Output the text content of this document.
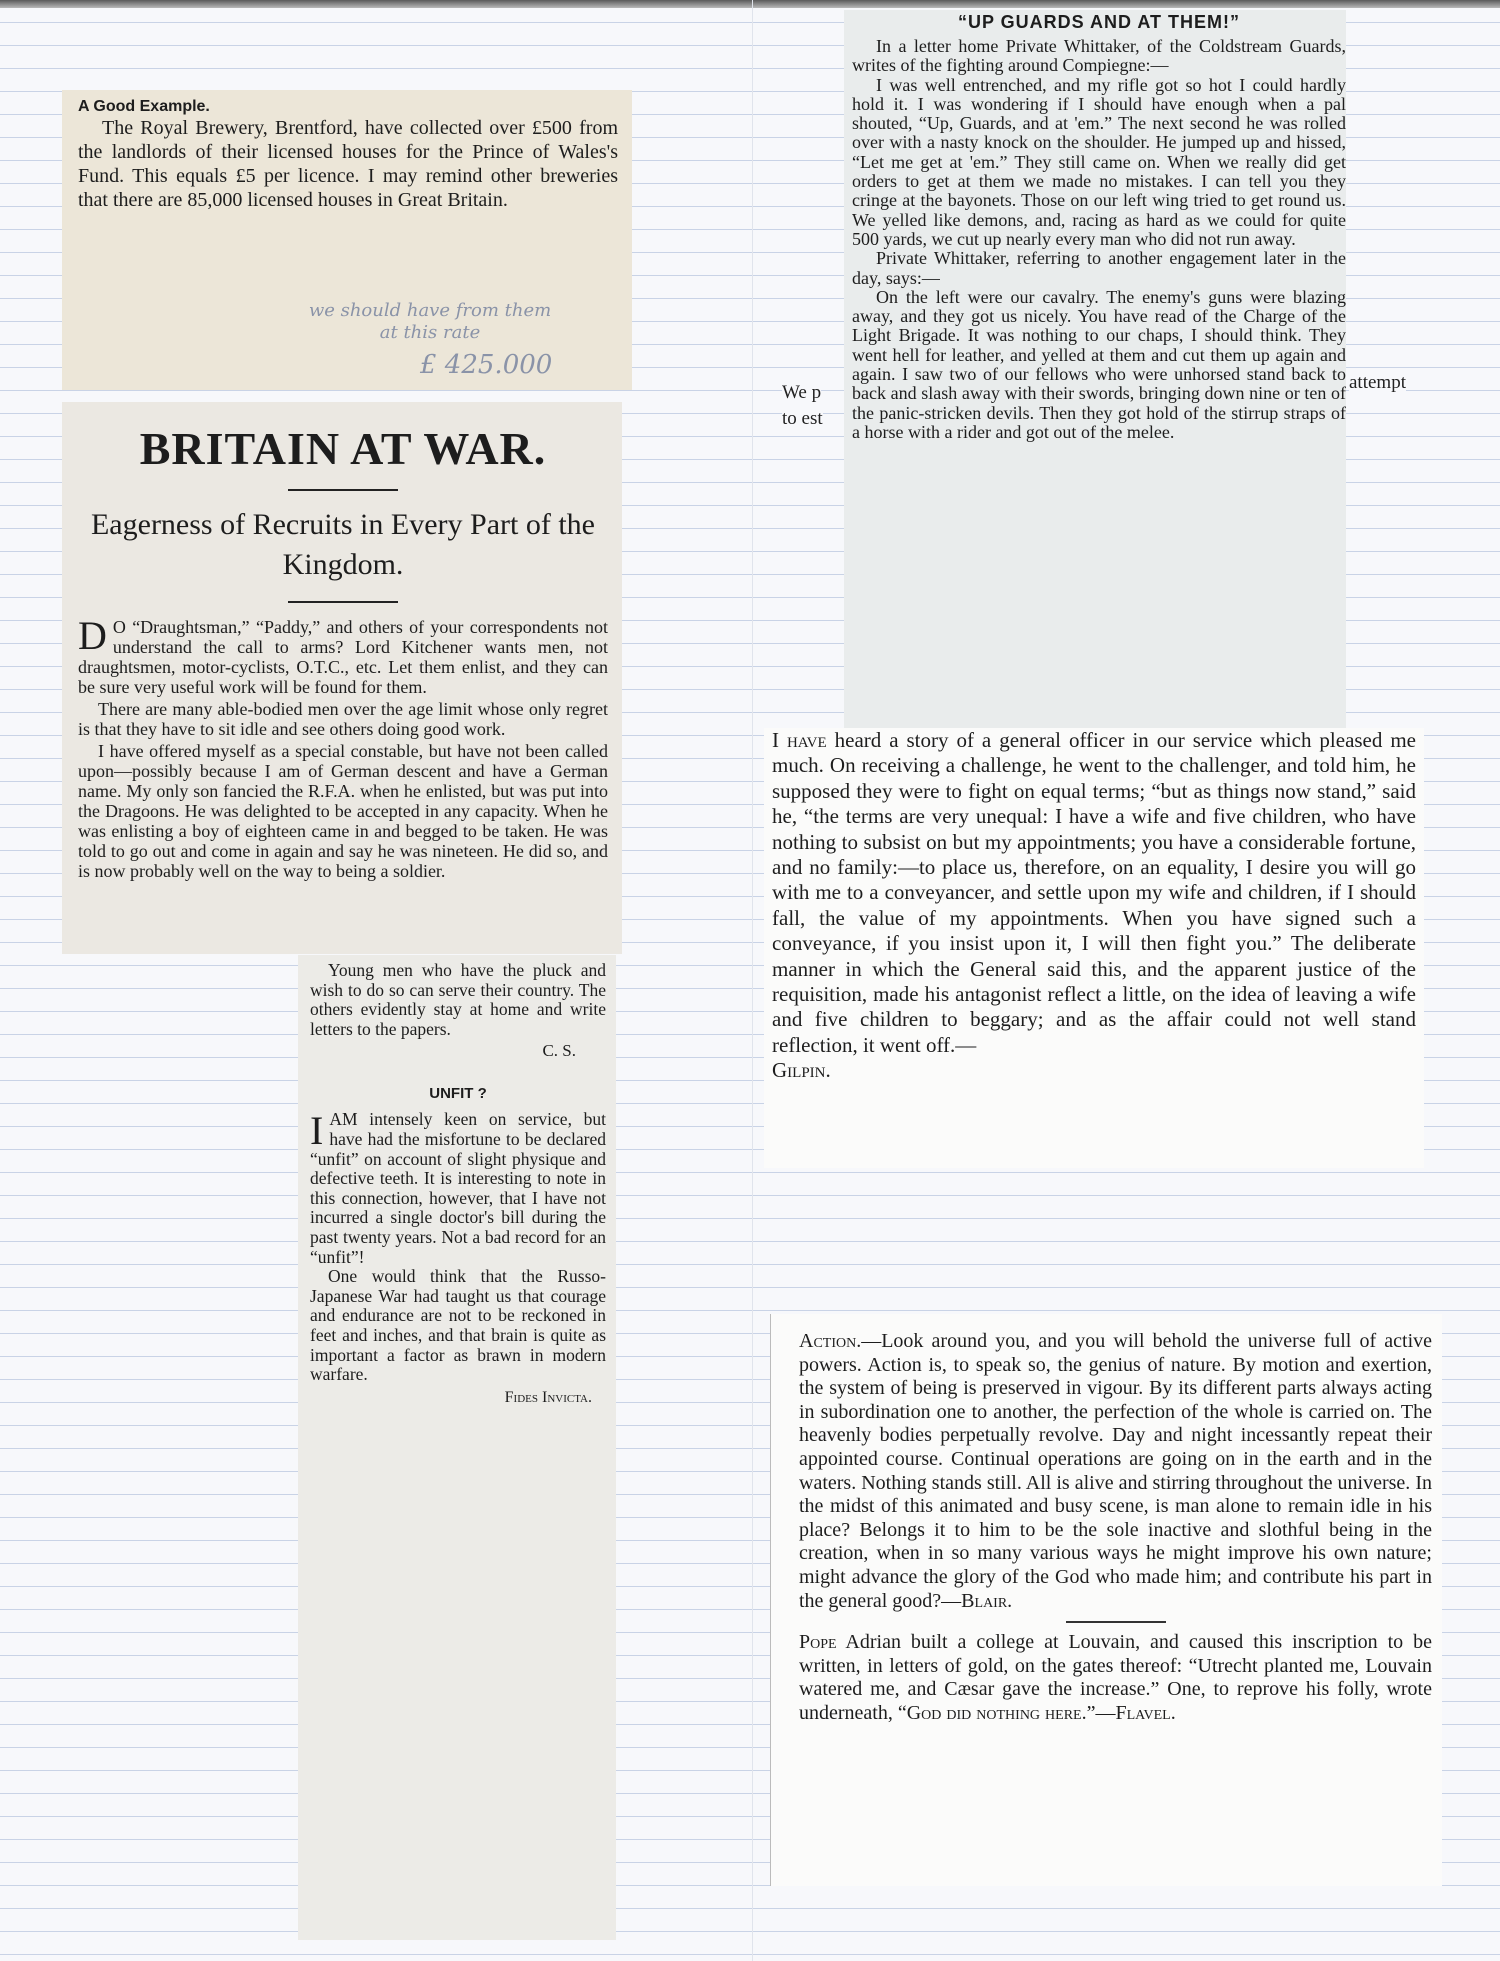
A Good Example.

The Royal Brewery, Brentford, have collected over £500 from the landlords of their licensed houses for the Prince of Wales's Fund. This equals £5 per licence. I may remind other breweries that there are 85,000 licensed houses in Great Britain.

we should have from them at this rate
£ 425.000
BRITAIN AT WAR.
Eagerness of Recruits in Every Part of the Kingdom.

D O “Draughtsman,” “Paddy,” and others of your correspondents not understand the call to arms? Lord Kitchener wants men, not draughtsmen, motor-cyclists, O.T.C., etc. Let them enlist, and they can be sure very useful work will be found for them.

There are many able-bodied men over the age limit whose only regret is that they have to sit idle and see others doing good work.

I have offered myself as a special constable, but have not been called upon—possibly because I am of German descent and have a German name. My only son fancied the R.F.A. when he enlisted, but was put into the Dragoons. He was delighted to be accepted in any capacity. When he was enlisting a boy of eighteen came in and begged to be taken. He was told to go out and come in again and say he was nineteen. He did so, and is now probably well on the way to being a soldier.

Young men who have the pluck and wish to do so can serve their country. The others evidently stay at home and write letters to the papers.

C. S.
UNFIT ?

IAM intensely keen on service, but have had the misfortune to be declared “unfit” on account of slight physique and defective teeth. It is interesting to note in this connection, however, that I have not incurred a single doctor's bill during the past twenty years. Not a bad record for an “unfit”!

One would think that the Russo-Japanese War had taught us that courage and endurance are not to be reckoned in feet and inches, and that brain is quite as important a factor as brawn in modern warfare.

Fides Invicta.
“UP GUARDS AND AT THEM!”

In a letter home Private Whittaker, of the Coldstream Guards, writes of the fighting around Compiegne:—

I was well entrenched, and my rifle got so hot I could hardly hold it. I was wondering if I should have enough when a pal shouted, “Up, Guards, and at 'em.” The next second he was rolled over with a nasty knock on the shoulder. He jumped up and hissed, “Let me get at 'em.” They still came on. When we really did get orders to get at them we made no mistakes. I can tell you they cringe at the bayonets. Those on our left wing tried to get round us. We yelled like demons, and, racing as hard as we could for quite 500 yards, we cut up nearly every man who did not run away.

Private Whittaker, referring to another engagement later in the day, says:—

On the left were our cavalry. The enemy's guns were blazing away, and they got us nicely. You have read of the Charge of the Light Brigade. It was nothing to our chaps, I should think. They went hell for leather, and yelled at them and cut them up again and again. I saw two of our fellows who were unhorsed stand back to back and slash away with their swords, bringing down nine or ten of the panic-stricken devils. Then they got hold of the stirrup straps of a horse with a rider and got out of the melee.

We p
to est
attempt

I have heard a story of a general officer in our service which pleased me much. On receiving a challenge, he went to the challenger, and told him, he supposed they were to fight on equal terms; “but as things now stand,” said he, “the terms are very unequal: I have a wife and five children, who have nothing to subsist on but my appointments; you have a considerable fortune, and no family:—to place us, therefore, on an equality, I desire you will go with me to a conveyancer, and settle upon my wife and children, if I should fall, the value of my appointments. When you have signed such a conveyance, if you insist upon it, I will then fight you.” The deliberate manner in which the General said this, and the apparent justice of the requisition, made his antagonist reflect a little, on the idea of leaving a wife and five children to beggary; and as the affair could not well stand reflection, it went off.—

Gilpin.

Action.—Look around you, and you will behold the universe full of active powers. Action is, to speak so, the genius of nature. By motion and exertion, the system of being is preserved in vigour. By its different parts always acting in subordination one to another, the perfection of the whole is carried on. The heavenly bodies perpetually revolve. Day and night incessantly repeat their appointed course. Continual operations are going on in the earth and in the waters. Nothing stands still. All is alive and stirring throughout the universe. In the midst of this animated and busy scene, is man alone to remain idle in his place? Belongs it to him to be the sole inactive and slothful being in the creation, when in so many various ways he might improve his own nature; might advance the glory of the God who made him; and contribute his part in the general good?—Blair.

Pope Adrian built a college at Louvain, and caused this inscription to be written, in letters of gold, on the gates thereof: “Utrecht planted me, Louvain watered me, and Cæsar gave the increase.” One, to reprove his folly, wrote underneath, “God did nothing here.”—Flavel.
